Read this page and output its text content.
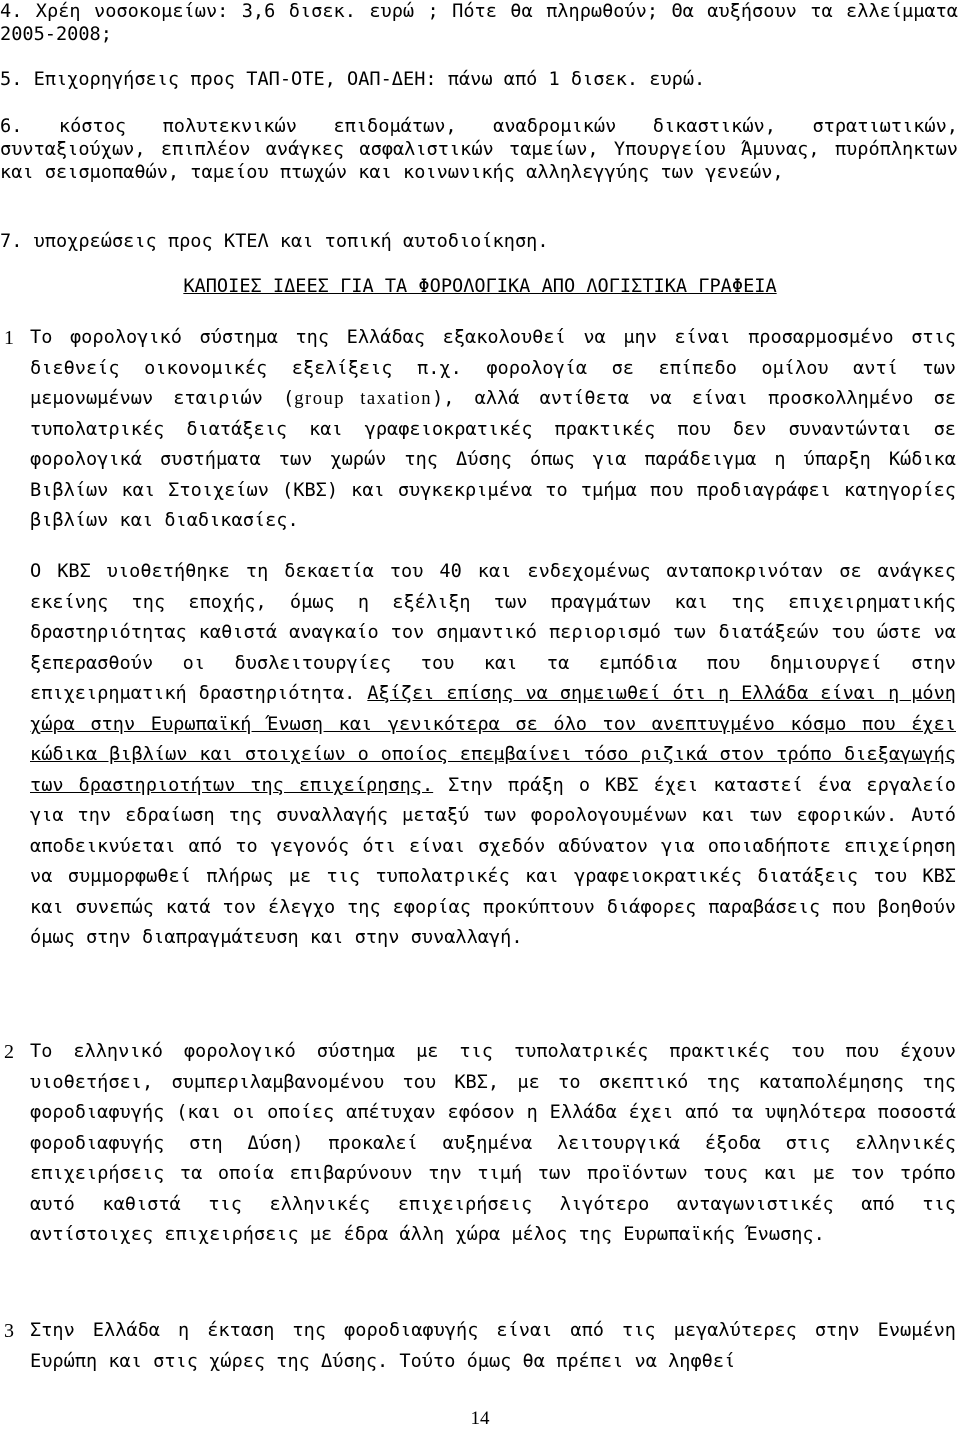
4. Χρέη νοσοκομείων: 3,6 δισεκ. ευρώ ; Πότε θα πληρωθούν; Θα αυξήσουν τα ελλείμματα 2005-2008;
5. Επιχορηγήσεις προς ΤΑΠ-ΟΤΕ, ΟΑΠ-ΔΕΗ: πάνω από 1 δισεκ. ευρώ.
6. κόστος πολυτεκνικών επιδομάτων, αναδρομικών δικαστικών, στρατιωτικών, συνταξιούχων, επιπλέον ανάγκες ασφαλιστικών ταμείων, Υπουργείου Άμυνας, πυρόπληκτων και σεισμοπαθών, ταμείου πτωχών και κοινωνικής αλληλεγγύης των γενεών,
7. υποχρεώσεις προς ΚΤΕΛ και τοπική αυτοδιοίκηση.
ΚΑΠΟΙΕΣ ΙΔΕΕΣ ΓΙΑ ΤΑ ΦΟΡΟΛΟΓΙΚΑ ΑΠΟ ΛΟΓΙΣΤΙΚΑ ΓΡΑΦΕΙΑ
1 Το φορολογικό σύστημα της Ελλάδας εξακολουθεί να μην είναι προσαρμοσμένο στις διεθνείς οικονομικές εξελίξεις π.χ. φορολογία σε επίπεδο ομίλου αντί των μεμονωμένων εταιριών (group taxation), αλλά αντίθετα να είναι προσκολλημένο σε τυπολατρικές διατάξεις και γραφειοκρατικές πρακτικές που δεν συναντώνται σε φορολογικά συστήματα των χωρών της Δύσης όπως για παράδειγμα η ύπαρξη Κώδικα Βιβλίων και Στοιχείων (ΚΒΣ) και συγκεκριμένα το τμήμα που προδιαγράφει κατηγορίες βιβλίων και διαδικασίες.
Ο ΚΒΣ υιοθετήθηκε τη δεκαετία του 40 και ενδεχομένως ανταποκρινόταν σε ανάγκες εκείνης της εποχής, όμως η εξέλιξη των πραγμάτων και της επιχειρηματικής δραστηριότητας καθιστά αναγκαίο τον σημαντικό περιορισμό των διατάξεών του ώστε να ξεπερασθούν οι δυσλειτουργίες του και τα εμπόδια που δημιουργεί στην επιχειρηματική δραστηριότητα. Αξίζει επίσης να σημειωθεί ότι η Ελλάδα είναι η μόνη χώρα στην Ευρωπαϊκή Ένωση και γενικότερα σε όλο τον ανεπτυγμένο κόσμο που έχει κώδικα βιβλίων και στοιχείων ο οποίος επεμβαίνει τόσο ριζικά στον τρόπο διεξαγωγής των δραστηριοτήτων της επιχείρησης. Στην πράξη ο ΚΒΣ έχει καταστεί ένα εργαλείο για την εδραίωση της συναλλαγής μεταξύ των φορολογουμένων και των εφορικών. Αυτό αποδεικνύεται από το γεγονός ότι είναι σχεδόν αδύνατον για οποιαδήποτε επιχείρηση να συμμορφωθεί πλήρως με τις τυπολατρικές και γραφειοκρατικές διατάξεις του ΚΒΣ και συνεπώς κατά τον έλεγχο της εφορίας προκύπτουν διάφορες παραβάσεις που βοηθούν όμως στην διαπραγμάτευση και στην συναλλαγή.
2 Το ελληνικό φορολογικό σύστημα με τις τυπολατρικές πρακτικές του που έχουν υιοθετήσει, συμπεριλαμβανομένου του ΚΒΣ, με το σκεπτικό της καταπολέμησης της φοροδιαφυγής (και οι οποίες απέτυχαν εφόσον η Ελλάδα έχει από τα υψηλότερα ποσοστά φοροδιαφυγής στη Δύση) προκαλεί αυξημένα λειτουργικά έξοδα στις ελληνικές επιχειρήσεις τα οποία επιβαρύνουν την τιμή των προϊόντων τους και με τον τρόπο αυτό καθιστά τις ελληνικές επιχειρήσεις λιγότερο ανταγωνιστικές από τις αντίστοιχες επιχειρήσεις με έδρα άλλη χώρα μέλος της Ευρωπαϊκής Ένωσης.
3 Στην Ελλάδα η έκταση της φοροδιαφυγής είναι από τις μεγαλύτερες στην Ενωμένη Ευρώπη και στις χώρες της Δύσης. Τούτο όμως θα πρέπει να ληφθεί
14
